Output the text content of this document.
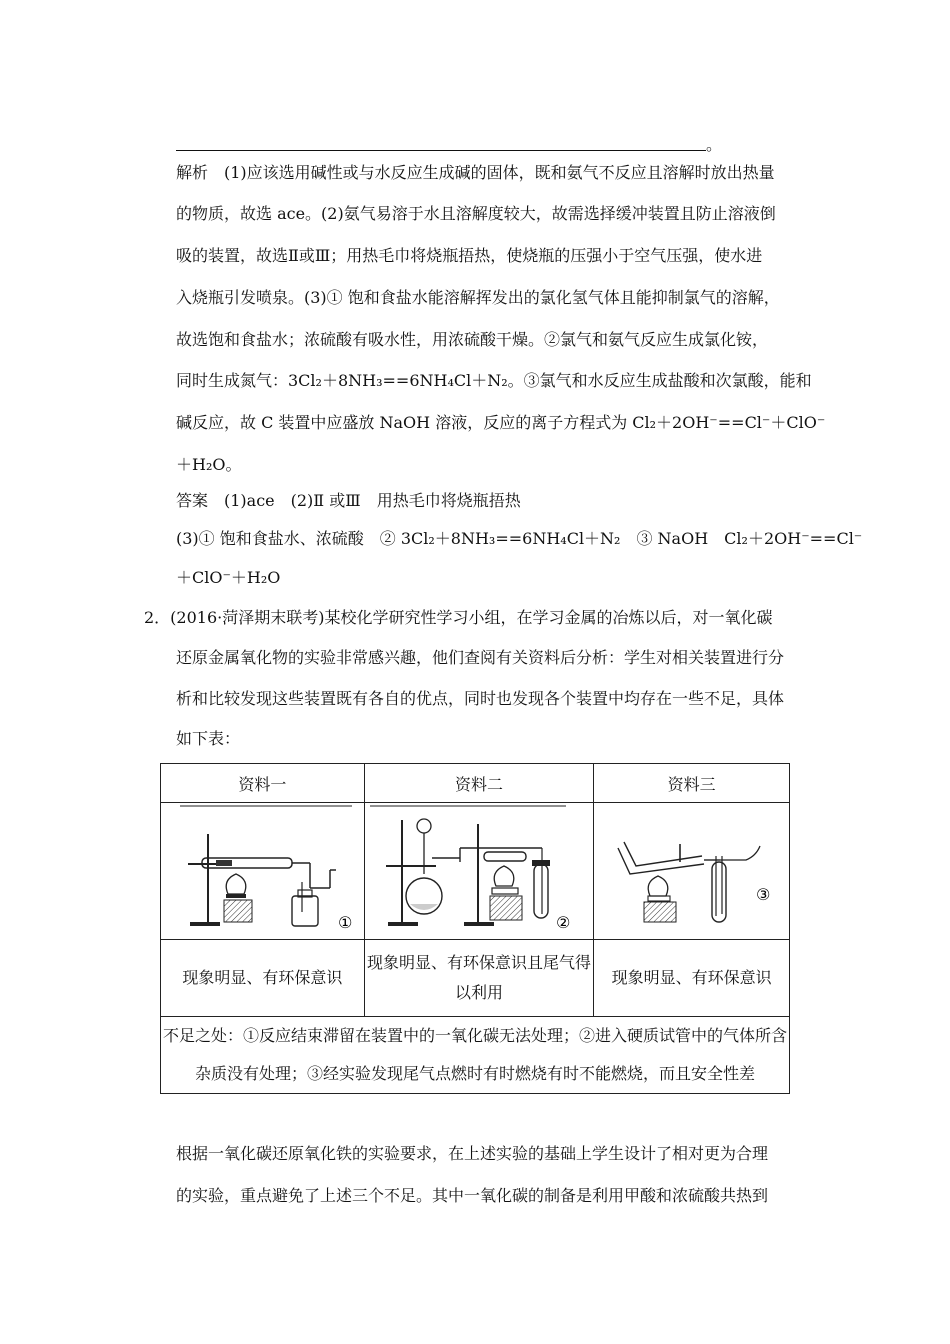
。
解析　(1)应该选用碱性或与水反应生成碱的固体，既和氨气不反应且溶解时放出热量
的物质，故选 ace。(2)氨气易溶于水且溶解度较大，故需选择缓冲装置且防止溶液倒
吸的装置，故选Ⅱ或Ⅲ；用热毛巾将烧瓶捂热，使烧瓶的压强小于空气压强，使水进
入烧瓶引发喷泉。(3)① 饱和食盐水能溶解挥发出的氯化氢气体且能抑制氯气的溶解，
故选饱和食盐水；浓硫酸有吸水性，用浓硫酸干燥。②氯气和氨气反应生成氯化铵，
同时生成氮气：3Cl₂＋8NH₃==6NH₄Cl＋N₂。③氯气和水反应生成盐酸和次氯酸，能和
碱反应，故 C 装置中应盛放 NaOH 溶液，反应的离子方程式为 Cl₂＋2OH⁻==Cl⁻＋ClO⁻
＋H₂O。
答案　(1)ace　(2)Ⅱ 或Ⅲ　用热毛巾将烧瓶捂热
(3)① 饱和食盐水、浓硫酸　② 3Cl₂＋8NH₃==6NH₄Cl＋N₂　③ NaOH　Cl₂＋2OH⁻==Cl⁻
＋ClO⁻＋H₂O
2．(2016·菏泽期末联考)某校化学研究性学习小组，在学习金属的冶炼以后，对一氧化碳
还原金属氧化物的实验非常感兴趣，他们查阅有关资料后分析：学生对相关装置进行分
析和比较发现这些装置既有各自的优点，同时也发现各个装置中均存在一些不足，具体
如下表：
资料一	资料二	资料三

①	②	③

现象明显、有环保意识	现象明显、有环保意识且尾气得以利用	现象明显、有环保意识
不足之处：①反应结束滞留在装置中的一氧化碳无法处理；②进入硬质试管中的气体所含杂质没有处理；③经实验发现尾气点燃时有时燃烧有时不能燃烧，而且安全性差		
根据一氧化碳还原氧化铁的实验要求，在上述实验的基础上学生设计了相对更为合理
的实验，重点避免了上述三个不足。其中一氧化碳的制备是利用甲酸和浓硫酸共热到
